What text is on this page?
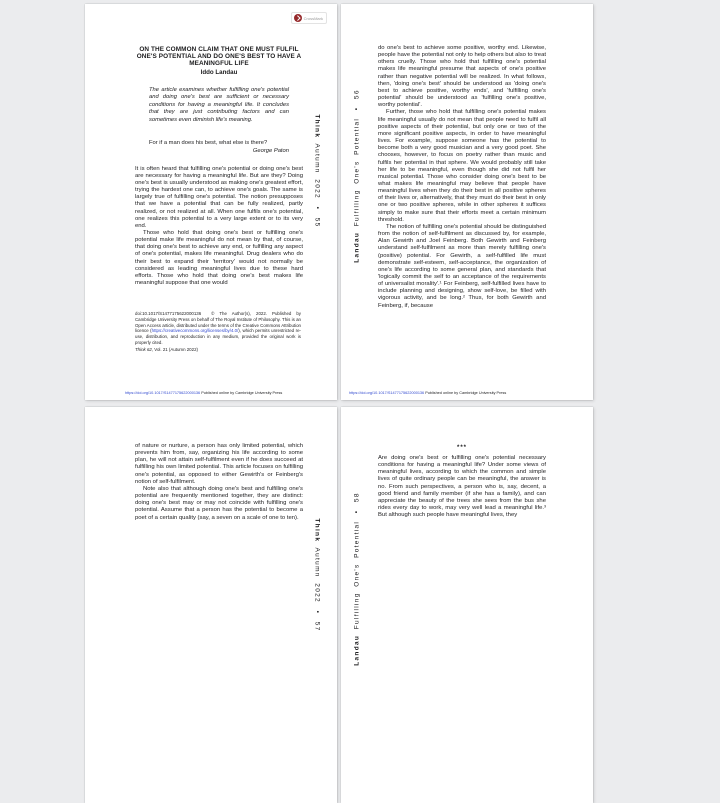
CrossMark
ON THE COMMON CLAIM THAT ONE MUST FULFIL ONE'S POTENTIAL AND DO ONE'S BEST TO HAVE A MEANINGFUL LIFE
Iddo Landau
The article examines whether fulfilling one's potential and doing one's best are sufficient or necessary conditions for having a meaningful life. It concludes that they are just contributing factors and can sometimes even diminish life's meaning.
For if a man does his best, what else is there?
George Paton

It is often heard that fulfilling one's potential or doing one's best are necessary for having a meaningful life. But are they? Doing one's best is usually understood as making one's greatest effort, trying the hardest one can, to achieve one's goals. The same is largely true of fulfilling one's potential. The notion presupposes that we have a potential that can be fully realized, partly realized, or not realized at all. When one fulfils one's potential, one realizes this potential to a very large extent or to its very end.

Those who hold that doing one's best or fulfilling one's potential make life meaningful do not mean by that, of course, that doing one's best to achieve any end, or fulfilling any aspect of one's potential, makes life meaningful. Drug dealers who do their best to expand their 'territory' would not normally be considered as leading meaningful lives due to these hard efforts. Those who hold that doing one's best makes life meaningful suppose that one would

doi:10.1017/S1477175622000136 © The Author(s), 2022. Published by Cambridge University Press on behalf of The Royal Institute of Philosophy. This is an Open Access article, distributed under the terms of the Creative Commons Attribution licence (https://creativecommons.org/licenses/by/4.0/), which permits unrestricted re-use, distribution, and reproduction in any medium, provided the original work is properly cited.
Think 62, Vol. 21 (Autumn 2022)
Think Autumn 2022 • 55
https://doi.org/10.1017/S1477175622000136 Published online by Cambridge University Press

do one's best to achieve some positive, worthy end. Likewise, people have the potential not only to help others but also to treat others cruelly. Those who hold that fulfilling one's potential makes life meaningful presume that aspects of one's positive rather than negative potential will be realized. In what follows, then, 'doing one's best' should be understood as 'doing one's best to achieve positive, worthy ends', and 'fulfilling one's potential' should be understood as 'fulfilling one's positive, worthy potential'.

Further, those who hold that fulfilling one's potential makes life meaningful usually do not mean that people need to fulfil all positive aspects of their potential, but only one or two of the more significant positive aspects, in order to have meaningful lives. For example, suppose someone has the potential to become both a very good musician and a very good poet. She chooses, however, to focus on poetry rather than music and fulfils her potential in that sphere. We would probably still take her life to be meaningful, even though she did not fulfil her musical potential. Those who consider doing one's best to be what makes life meaningful may believe that people have meaningful lives when they do their best in all positive spheres of their lives or, alternatively, that they must do their best in only one or two positive spheres, while in other spheres it suffices simply to make sure that their efforts meet a certain minimum threshold.

The notion of fulfilling one's potential should be distinguished from the notion of self-fulfilment as discussed by, for example, Alan Gewirth and Joel Feinberg. Both Gewirth and Feinberg understand self-fulfilment as more than merely fulfilling one's (positive) potential. For Gewirth, a self-fulfilled life must demonstrate self-esteem, self-acceptance, the organization of one's life according to some general plan, and standards that 'logically commit the self to an acceptance of the requirements of universalist morality'.¹ For Feinberg, self-fulfilled lives have to include planning and designing, show self-love, be filled with vigorous activity, and be long.² Thus, for both Gewirth and Feinberg, if, because

Landau Fulfilling One's Potential • 56
https://doi.org/10.1017/S1477175622000136 Published online by Cambridge University Press

of nature or nurture, a person has only limited potential, which prevents him from, say, organizing his life according to some plan, he will not attain self-fulfilment even if he does succeed at fulfilling his own limited potential. This article focuses on fulfilling one's potential, as opposed to either Gewirth's or Feinberg's notion of self-fulfilment.

Note also that although doing one's best and fulfilling one's potential are frequently mentioned together, they are distinct: doing one's best may or may not coincide with fulfilling one's potential. Assume that a person has the potential to become a poet of a certain quality (say, a seven on a scale of one to ten).

Think Autumn 2022 • 57
***

Are doing one's best or fulfilling one's potential necessary conditions for having a meaningful life? Under some views of meaningful lives, according to which the common and simple lives of quite ordinary people can be meaningful, the answer is no. From such perspectives, a person who is, say, decent, a good friend and family member (if she has a family), and can appreciate the beauty of the trees she sees from the bus she rides every day to work, may very well lead a meaningful life.³ But although such people have meaningful lives, they

Landau Fulfilling One's Potential • 58
